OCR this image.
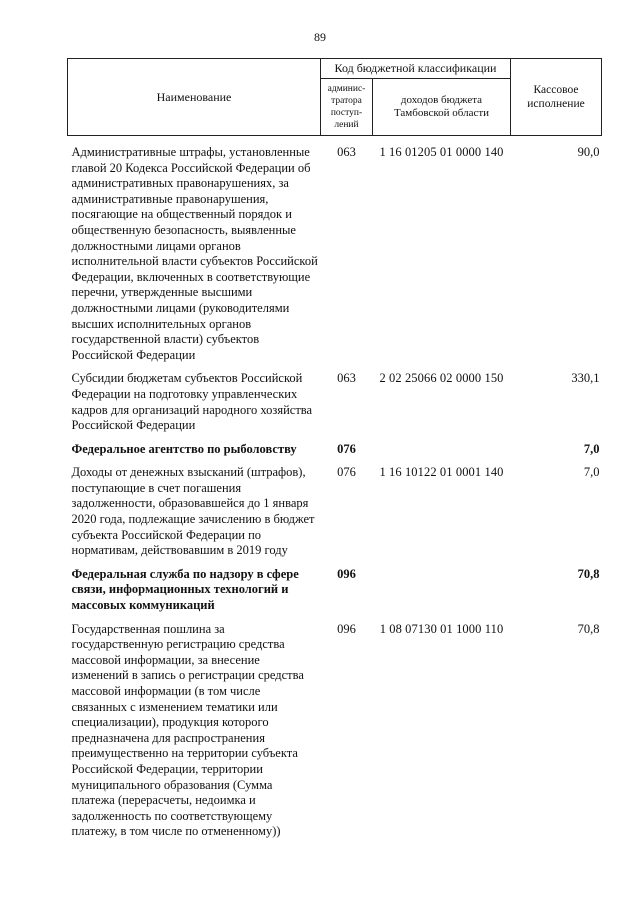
89
Наименование	Код бюджетной классификации		Кассовое
исполнение
	админис-
тратора
поступ-
лений	доходов бюджета
Тамбовской области	
Административные штрафы, установленные главой 20 Кодекса Российской Федерации об административных правонарушениях, за административные правонарушения, посягающие на общественный порядок и общественную безопасность, выявленные должностными лицами органов исполнительной власти субъектов Российской Федерации, включенных в соответствующие перечни, утвержденные высшими должностными лицами (руководителями высших исполнительных органов государственной власти) субъектов Российской Федерации	063	1 16 01205 01 0000 140	90,0
Субсидии бюджетам субъектов Российской Федерации на подготовку управленческих кадров для организаций народного хозяйства Российской Федерации	063	2 02 25066 02 0000 150	330,1
Федеральное агентство по рыболовству	076		7,0
Доходы от денежных взысканий (штрафов), поступающие в счет погашения задолженности, образовавшейся до 1 января 2020 года, подлежащие зачислению в бюджет субъекта Российской Федерации по нормативам, действовавшим в 2019 году	076	1 16 10122 01 0001 140	7,0
Федеральная служба по надзору в сфере связи, информационных технологий и массовых коммуникаций	096		70,8
Государственная пошлина за государственную регистрацию средства массовой информации, за внесение изменений в запись о регистрации средства массовой информации (в том числе связанных с изменением тематики или специализации), продукция которого предназначена для распространения преимущественно на территории субъекта Российской Федерации, территории муниципального образования (Сумма платежа (перерасчеты, недоимка и задолженность по соответствующему платежу, в том числе по отмененному))	096	1 08 07130 01 1000 110	70,8
